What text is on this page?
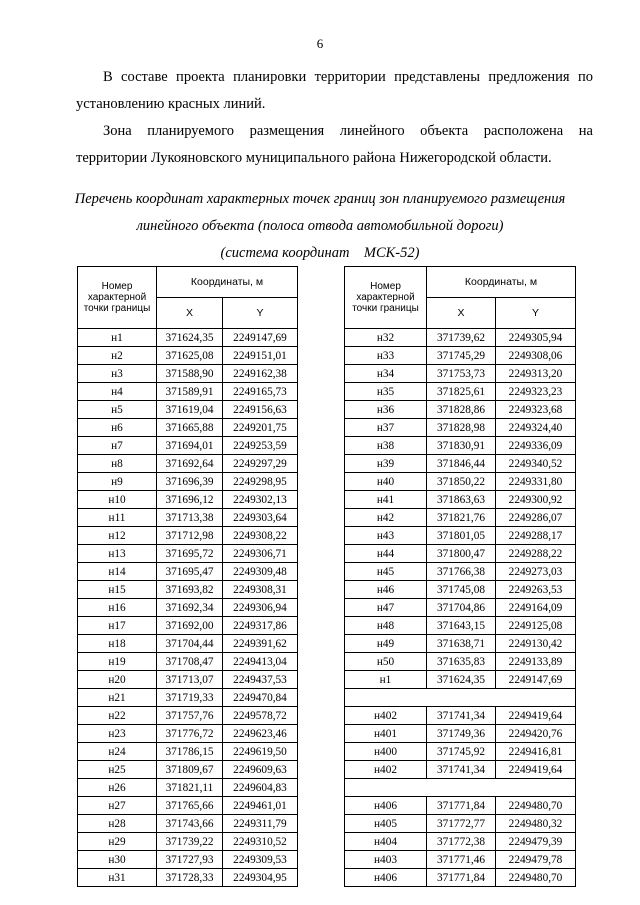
6

В составе проекта планировки территории представлены предложения по установлению красных линий.

Зона планируемого размещения линейного объекта расположена на территории Лукояновского муниципального района Нижегородской области.

Перечень координат характерных точек границ зон планируемого размещения
линейного объекта (полоса отвода автомобильной дороги)
(система координат    МСК-52)
Номер характерной точки границы	Координаты, м	
	X	Y
н1	371624,35	2249147,69
н2	371625,08	2249151,01
н3	371588,90	2249162,38
н4	371589,91	2249165,73
н5	371619,04	2249156,63
н6	371665,88	2249201,75
н7	371694,01	2249253,59
н8	371692,64	2249297,29
н9	371696,39	2249298,95
н10	371696,12	2249302,13
н11	371713,38	2249303,64
н12	371712,98	2249308,22
н13	371695,72	2249306,71
н14	371695,47	2249309,48
н15	371693,82	2249308,31
н16	371692,34	2249306,94
н17	371692,00	2249317,86
н18	371704,44	2249391,62
н19	371708,47	2249413,04
н20	371713,07	2249437,53
н21	371719,33	2249470,84
н22	371757,76	2249578,72
н23	371776,72	2249623,46
н24	371786,15	2249619,50
н25	371809,67	2249609,63
н26	371821,11	2249604,83
н27	371765,66	2249461,01
н28	371743,66	2249311,79
н29	371739,22	2249310,52
н30	371727,93	2249309,53
н31	371728,33	2249304,95
Номер характерной точки границы	Координаты, м	
	X	Y
н32	371739,62	2249305,94
н33	371745,29	2249308,06
н34	371753,73	2249313,20
н35	371825,61	2249323,23
н36	371828,86	2249323,68
н37	371828,98	2249324,40
н38	371830,91	2249336,09
н39	371846,44	2249340,52
н40	371850,22	2249331,80
н41	371863,63	2249300,92
н42	371821,76	2249286,07
н43	371801,05	2249288,17
н44	371800,47	2249288,22
н45	371766,38	2249273,03
н46	371745,08	2249263,53
н47	371704,86	2249164,09
н48	371643,15	2249125,08
н49	371638,71	2249130,42
н50	371635,83	2249133,89
н1	371624,35	2249147,69

н402	371741,34	2249419,64
н401	371749,36	2249420,76
н400	371745,92	2249416,81
н402	371741,34	2249419,64

н406	371771,84	2249480,70
н405	371772,77	2249480,32
н404	371772,38	2249479,39
н403	371771,46	2249479,78
н406	371771,84	2249480,70
